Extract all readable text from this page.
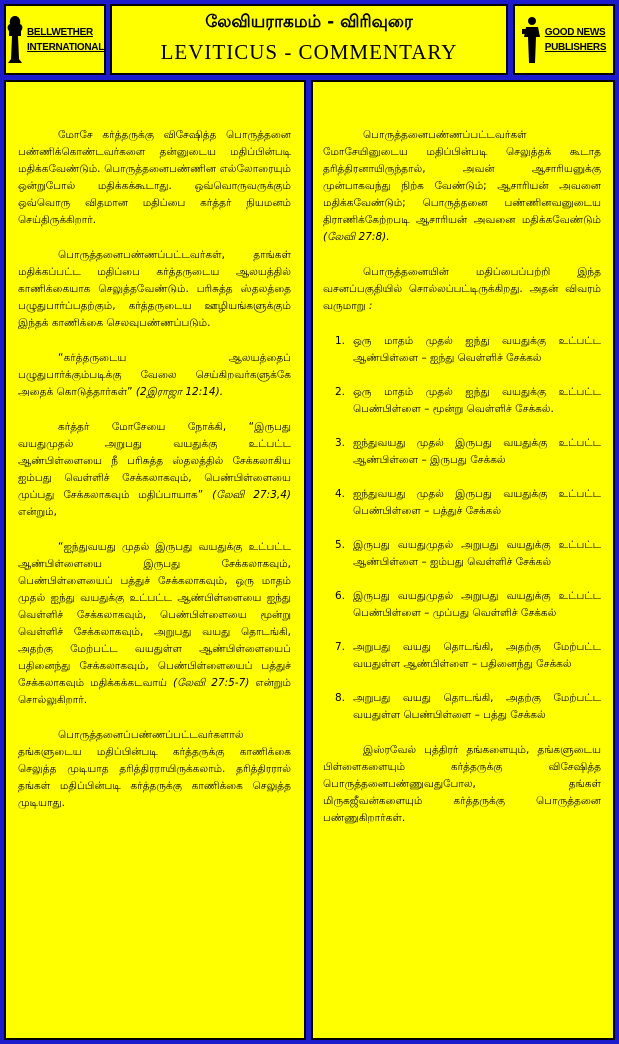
BELLWETHER
INTERNATIONAL
லேவியராகமம் - விரிவுரை
LEVITICUS - COMMENTARY
GOOD NEWS
PUBLISHERS

மோசே கர்த்தருக்கு விசேஷித்த பொருத்தனை பண்ணிக்கொண்டவர்களை தன்னுடைய மதிப்பின்படி மதிக்கவேண்டும். பொருத்தனைபண்ணின எல்லோரையும் ஒன்றுபோல் மதிக்கக்கூடாது. ஒவ்வொருவருக்கும் ஒவ்வொரு விதமான மதிப்பை கர்த்தர் நியமனம் செய்திருக்கிறார்.

பொருத்தனைபண்ணப்பட்டவர்கள், தாங்கள் மதிக்கப்பட்ட மதிப்பை கர்த்தருடைய ஆலயத்தில் காணிக்கையாக செலுத்தவேண்டும். பரிசுத்த ஸ்தலத்தை பழுதுபார்ப்பதற்கும், கர்த்தருடைய ஊழியங்களுக்கும் இந்தக் காணிக்கை செலவுபண்ணப்படும்.

“கர்த்தருடைய ஆலயத்தைப் பழுதுபார்க்கும்படிக்கு வேலை செய்கிறவர்களுக்கே அதைக் கொடுத்தார்கள்” (2இராஜா 12:14).

கர்த்தர் மோசேயை நோக்கி, “இருபது வயதுமுதல் அறுபது வயதுக்கு உட்பட்ட ஆண்பிள்ளையை நீ பரிசுத்த ஸ்தலத்தில் சேக்கலாகிய ஐம்பது வெள்ளிச் சேக்கலாகவும், பெண்பிள்ளையை முப்பது சேக்கலாகவும் மதிப்பாயாக” (லேவி 27:3,4) என்றும்,

“ஐந்துவயது முதல் இருபது வயதுக்கு உட்பட்ட ஆண்பிள்ளையை இருபது சேக்கலாகவும், பெண்பிள்ளையைப் பத்துச் சேக்கலாகவும், ஒரு மாதம் முதல் ஐந்து வயதுக்கு உட்பட்ட ஆண்பிள்ளையை ஐந்து வெள்ளிச் சேக்கலாகவும், பெண்பிள்ளையை மூன்று வெள்ளிச் சேக்கலாகவும், அறுபது வயது தொடங்கி, அதற்கு மேற்பட்ட வயதுள்ள ஆண்பிள்ளையைப் பதினைந்து சேக்கலாகவும், பெண்பிள்ளையைப் பத்துச் சேக்கலாகவும் மதிக்கக்கடவாய் (லேவி 27:5-7) என்றும் சொல்லுகிறார்.

பொருத்தனைப்பண்ணப்பட்டவர்களால் தங்களுடைய மதிப்பின்படி கர்த்தருக்கு காணிக்கை செலுத்த முடியாத தரித்திரராயிருக்கலாம். தரித்திரரால் தங்கள் மதிப்பின்படி கர்த்தருக்கு காணிக்கை செலுத்த முடியாது.

பொருத்தனைபண்ணப்பட்டவர்கள் மோசேயினுடைய மதிப்பின்படி செலுத்தக் கூடாத தரித்திரனாயிருந்தால், அவன் ஆசாரியனுக்கு முன்பாகவந்து நிற்க வேண்டும்; ஆசாரியன் அவனை மதிக்கவேண்டும்; பொருத்தனை பண்ணினவனுடைய திராணிக்கேற்றபடி ஆசாரியன் அவனை மதிக்கவேண்டும் (லேவி 27:8).

பொருத்தனையின் மதிப்பைப்பற்றி இந்த வசனப்பகுதியில் சொல்லப்பட்டிருக்கிறது. அதன் விவரம் வருமாறு :

1. ஒரு மாதம் முதல் ஐந்து வயதுக்கு உட்பட்ட ஆண்பிள்ளை – ஐந்து வெள்ளிச் சேக்கல்
2. ஒரு மாதம் முதல் ஐந்து வயதுக்கு உட்பட்ட பெண்பிள்ளை – மூன்று வெள்ளிச் சேக்கல்.
3. ஐந்துவயது முதல் இருபது வயதுக்கு உட்பட்ட ஆண்பிள்ளை – இருபது சேக்கல்
4. ஐந்துவயது முதல் இருபது வயதுக்கு உட்பட்ட பெண்பிள்ளை – பத்துச் சேக்கல்
5. இருபது வயதுமுதல் அறுபது வயதுக்கு உட்பட்ட ஆண்பிள்ளை – ஐம்பது வெள்ளிச் சேக்கல்
6. இருபது வயதுமுதல் அறுபது வயதுக்கு உட்பட்ட பெண்பிள்ளை – முப்பது வெள்ளிச் சேக்கல்
7. அறுபது வயது தொடங்கி, அதற்கு மேற்பட்ட வயதுள்ள ஆண்பிள்ளை – பதினைந்து சேக்கல்
8. அறுபது வயது தொடங்கி, அதற்கு மேற்பட்ட வயதுள்ள பெண்பிள்ளை – பத்து சேக்கல்

இஸ்ரவேல் புத்திரர் தங்களையும், தங்களுடைய பிள்ளைகளையும் கர்த்தருக்கு விசேஷித்த பொருத்தனைபண்ணுவதுபோல, தங்கள் மிருகஜீவன்களையும் கர்த்தருக்கு பொருத்தனை பண்ணுகிறார்கள்.
